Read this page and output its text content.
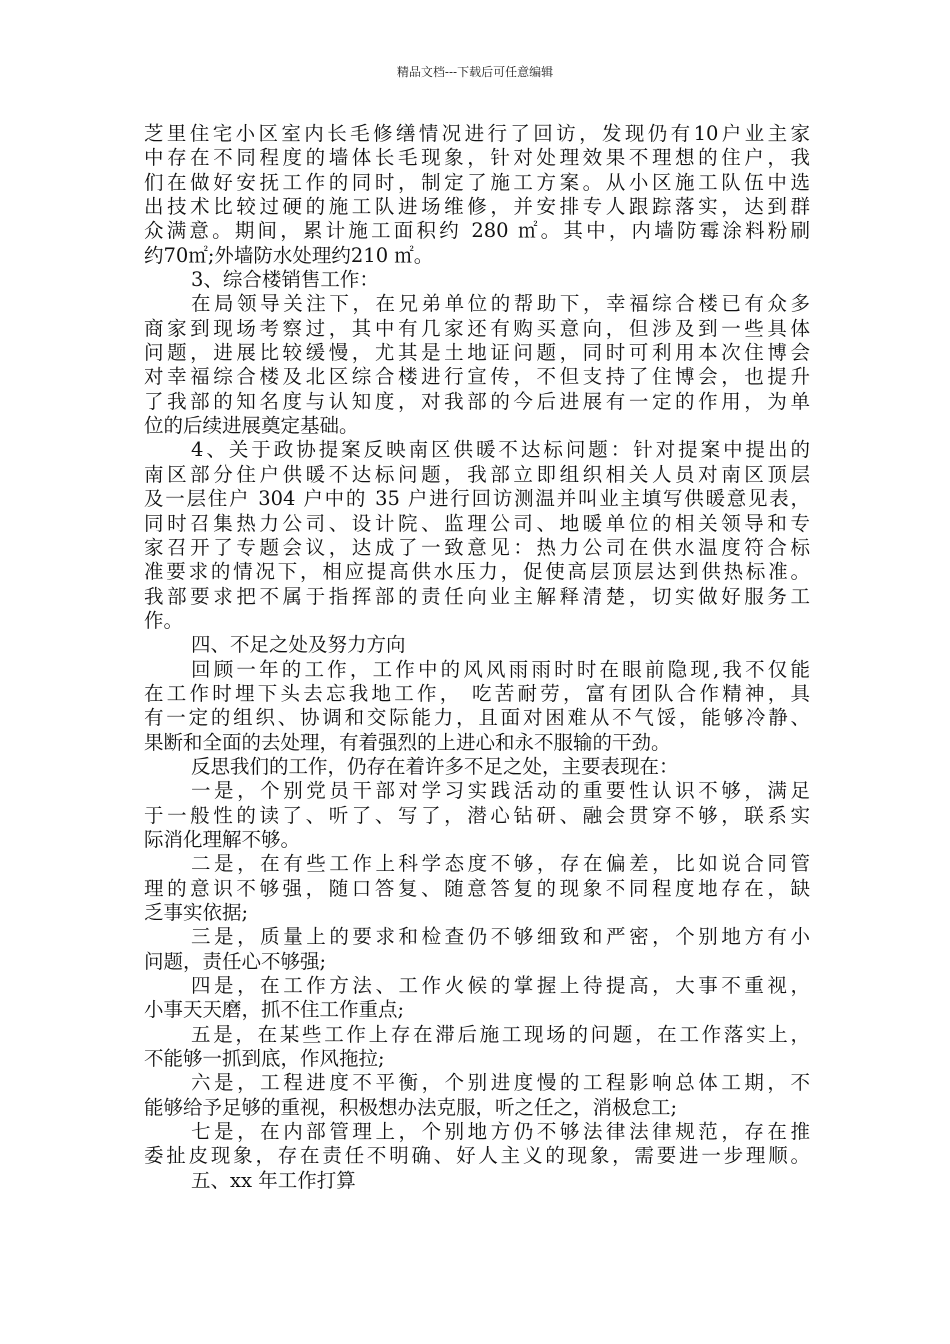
精品文档---下载后可任意编辑
芝里住宅小区室内长毛修缮情况进行了回访，发现仍有10户业主家
中存在不同程度的墙体长毛现象，针对处理效果不理想的住户，我
们在做好安抚工作的同时，制定了施工方案。从小区施工队伍中选
出技术比较过硬的施工队进场维修，并安排专人跟踪落实，达到群
众满意。期间，累计施工面积约 280 ㎡。其中，内墙防霉涂料粉刷
约70㎡;外墙防水处理约210 ㎡。
3、综合楼销售工作：
在局领导关注下，在兄弟单位的帮助下，幸福综合楼已有众多
商家到现场考察过，其中有几家还有购买意向，但涉及到一些具体
问题，进展比较缓慢，尤其是土地证问题，同时可利用本次住博会
对幸福综合楼及北区综合楼进行宣传，不但支持了住博会，也提升
了我部的知名度与认知度，对我部的今后进展有一定的作用，为单
位的后续进展奠定基础。
4、关于政协提案反映南区供暖不达标问题：针对提案中提出的
南区部分住户供暖不达标问题，我部立即组织相关人员对南区顶层
及一层住户 304 户中的 35 户进行回访测温并叫业主填写供暖意见表，
同时召集热力公司、设计院、监理公司、地暖单位的相关领导和专
家召开了专题会议，达成了一致意见：热力公司在供水温度符合标
准要求的情况下，相应提高供水压力，促使高层顶层达到供热标准。
我部要求把不属于指挥部的责任向业主解释清楚，切实做好服务工
作。
四、不足之处及努力方向
回顾一年的工作，工作中的风风雨雨时时在眼前隐现,我不仅能
在工作时埋下头去忘我地工作， 吃苦耐劳，富有团队合作精神，具
有一定的组织、协调和交际能力，且面对困难从不气馁，能够冷静、
果断和全面的去处理，有着强烈的上进心和永不服输的干劲。
反思我们的工作，仍存在着许多不足之处，主要表现在：
一是，个别党员干部对学习实践活动的重要性认识不够，满足
于一般性的读了、听了、写了，潜心钻研、融会贯穿不够，联系实
际消化理解不够。
二是，在有些工作上科学态度不够，存在偏差，比如说合同管
理的意识不够强，随口答复、随意答复的现象不同程度地存在，缺
乏事实依据;
三是，质量上的要求和检查仍不够细致和严密，个别地方有小
问题，责任心不够强;
四是，在工作方法、工作火候的掌握上待提高，大事不重视，
小事天天磨，抓不住工作重点;
五是，在某些工作上存在滞后施工现场的问题，在工作落实上，
不能够一抓到底，作风拖拉;
六是，工程进度不平衡，个别进度慢的工程影响总体工期，不
能够给予足够的重视，积极想办法克服，听之任之，消极怠工;
七是，在内部管理上，个别地方仍不够法律法律规范，存在推
委扯皮现象，存在责任不明确、好人主义的现象，需要进一步理顺。
五、xx 年工作打算
